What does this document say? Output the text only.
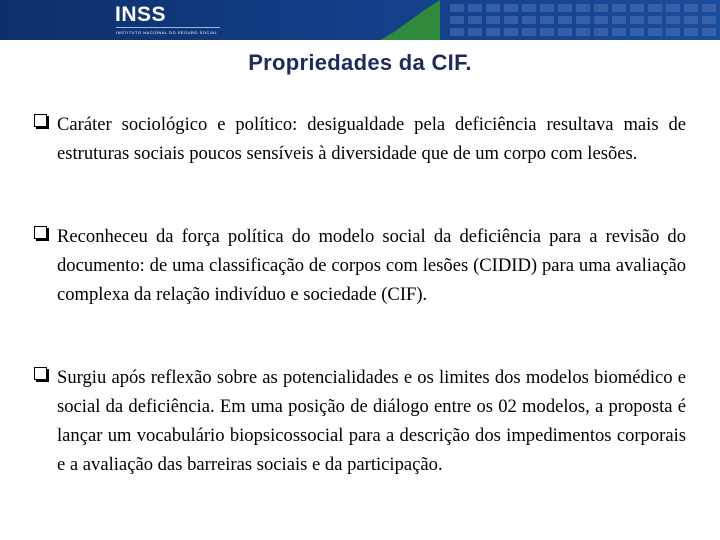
INSS
INSTITUTO NACIONAL DO SEGURO SOCIAL
Propriedades da CIF.
Caráter sociológico e político: desigualdade pela deficiência resultava mais de estruturas sociais poucos sensíveis à diversidade que de um corpo com lesões.
Reconheceu da força política do modelo social da deficiência para a revisão do documento: de uma classificação de corpos com lesões (CIDID) para uma avaliação complexa da relação indivíduo e sociedade (CIF).
Surgiu após reflexão sobre as potencialidades e os limites dos modelos biomédico e social da deficiência. Em uma posição de diálogo entre os 02 modelos, a proposta é lançar um vocabulário biopsicossocial para a descrição dos impedimentos corporais e a avaliação das barreiras sociais e da participação.
